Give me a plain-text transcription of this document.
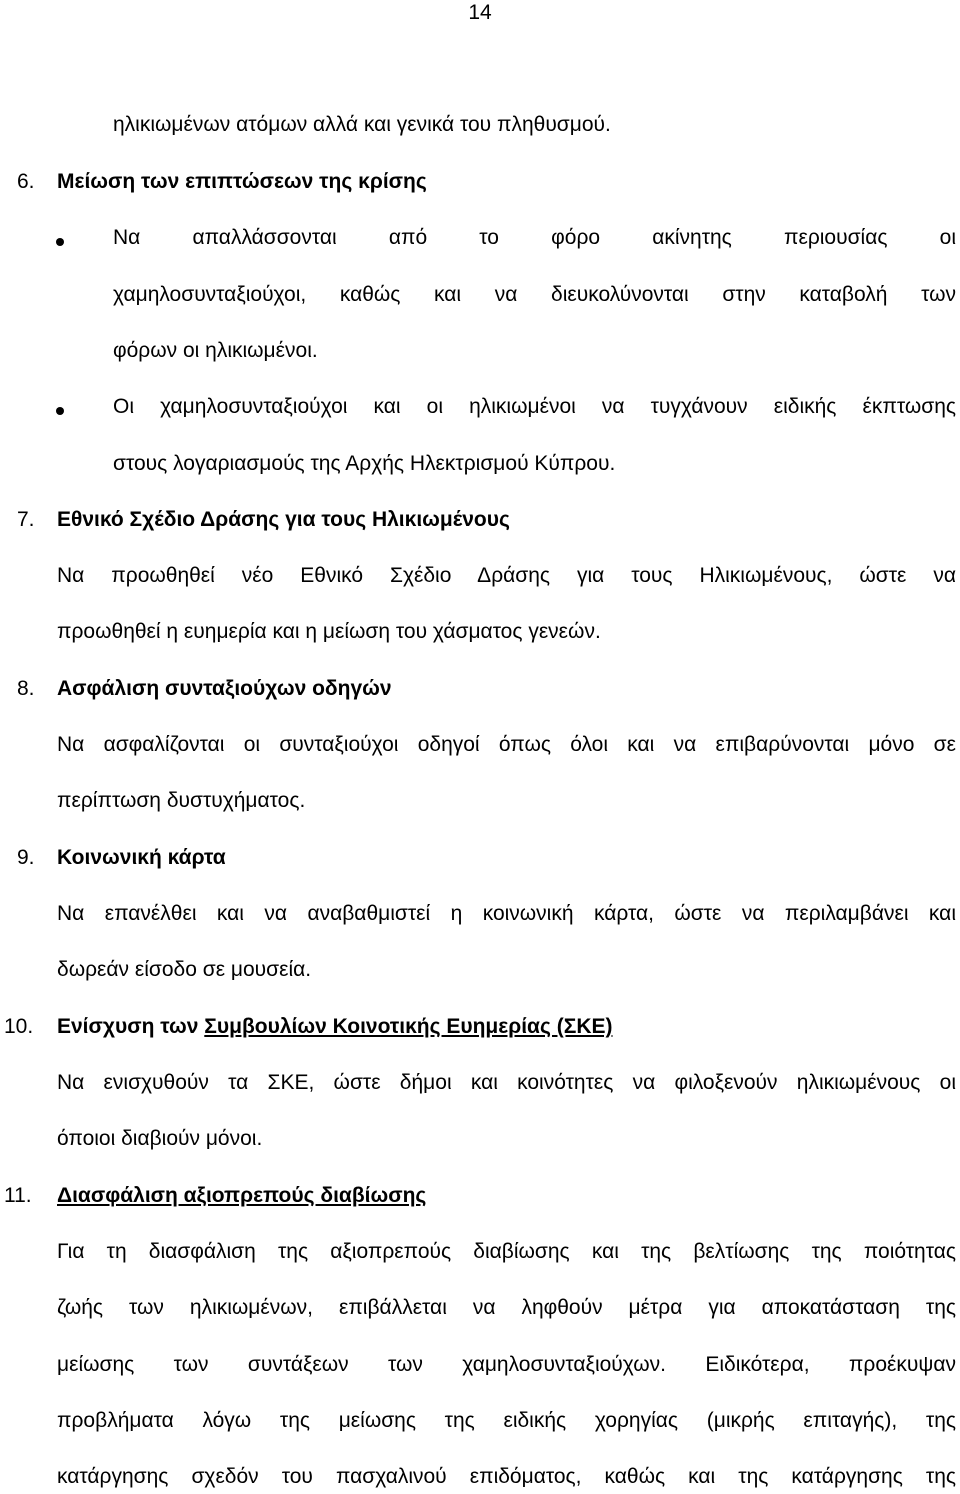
14
ηλικιωμένων ατόμων αλλά και γενικά του πληθυσμού.
6. Μείωση των επιπτώσεων της κρίσης
Να απαλλάσσονται από το φόρο ακίνητης περιουσίας οι
χαμηλοσυνταξιούχοι, καθώς και να διευκολύνονται στην καταβολή των
φόρων οι ηλικιωμένοι.
Οι χαμηλοσυνταξιούχοι και οι ηλικιωμένοι να τυγχάνουν ειδικής έκπτωσης
στους λογαριασμούς της Αρχής Ηλεκτρισμού Κύπρου.
7. Εθνικό Σχέδιο Δράσης για τους Ηλικιωμένους
Να προωθηθεί νέο Εθνικό Σχέδιο Δράσης για τους Ηλικιωμένους, ώστε να
προωθηθεί η ευημερία και η μείωση του χάσματος γενεών.
8. Ασφάλιση συνταξιούχων οδηγών
Να ασφαλίζονται οι συνταξιούχοι οδηγοί όπως όλοι και να επιβαρύνονται μόνο σε
περίπτωση δυστυχήματος.
9. Κοινωνική κάρτα
Να επανέλθει και να αναβαθμιστεί η κοινωνική κάρτα, ώστε να περιλαμβάνει και
δωρεάν είσοδο σε μουσεία.
10. Ενίσχυση των Συμβουλίων Κοινοτικής Ευημερίας (ΣΚΕ)
Να ενισχυθούν τα ΣΚΕ, ώστε δήμοι και κοινότητες να φιλοξενούν ηλικιωμένους οι
όποιοι διαβιούν μόνοι.
11. Διασφάλιση αξιοπρεπούς διαβίωσης
Για τη διασφάλιση της αξιοπρεπούς διαβίωσης και της βελτίωσης της ποιότητας
ζωής των ηλικιωμένων, επιβάλλεται να ληφθούν μέτρα για αποκατάσταση της
μείωσης των συντάξεων των χαμηλοσυνταξιούχων. Ειδικότερα, προέκυψαν
προβλήματα λόγω της μείωσης της ειδικής χορηγίας (μικρής επιταγής), της
κατάργησης σχεδόν του πασχαλινού επιδόματος, καθώς και της κατάργησης της
